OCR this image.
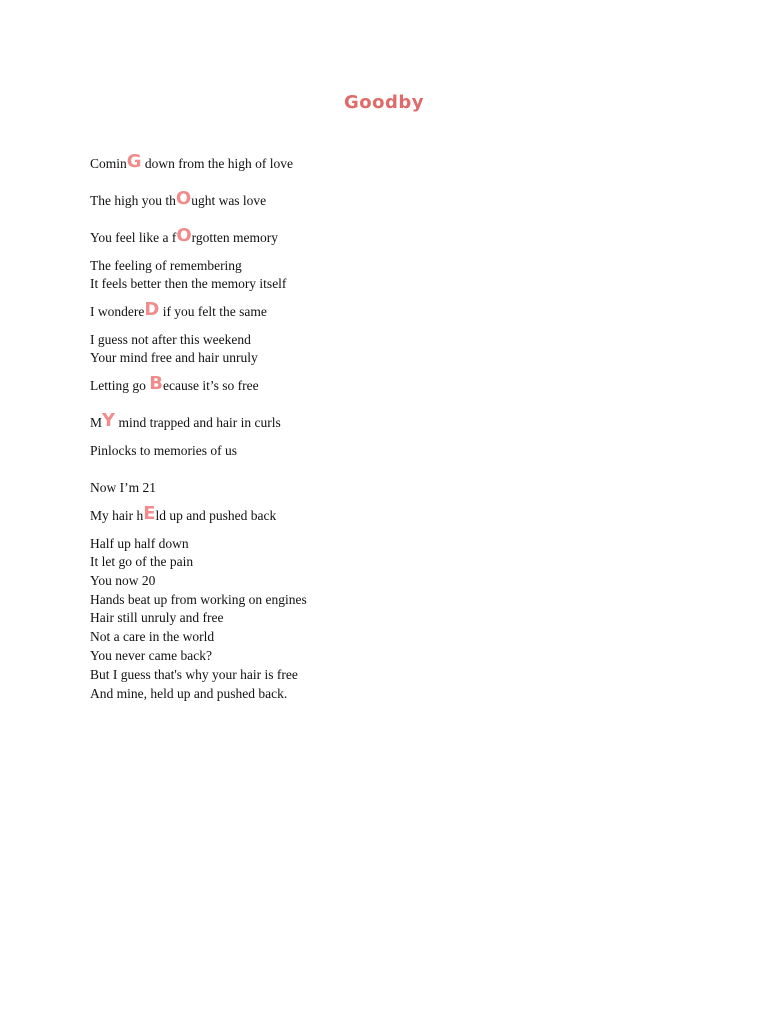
Goodby
CominG down from the high of love
The high you thOught was love
You feel like a fOrgotten memory
The feeling of remembering
It feels better then the memory itself
I wondereD if you felt the same
I guess not after this weekend
Your mind free and hair unruly
Letting go Because it’s so free
MY mind trapped and hair in curls
Pinlocks to memories of us
Now I’m 21
My hair hEld up and pushed back
Half up half down
It let go of the pain
You now 20
Hands beat up from working on engines
Hair still unruly and free
Not a care in the world
You never came back?
But I guess that's why your hair is free
And mine, held up and pushed back.
